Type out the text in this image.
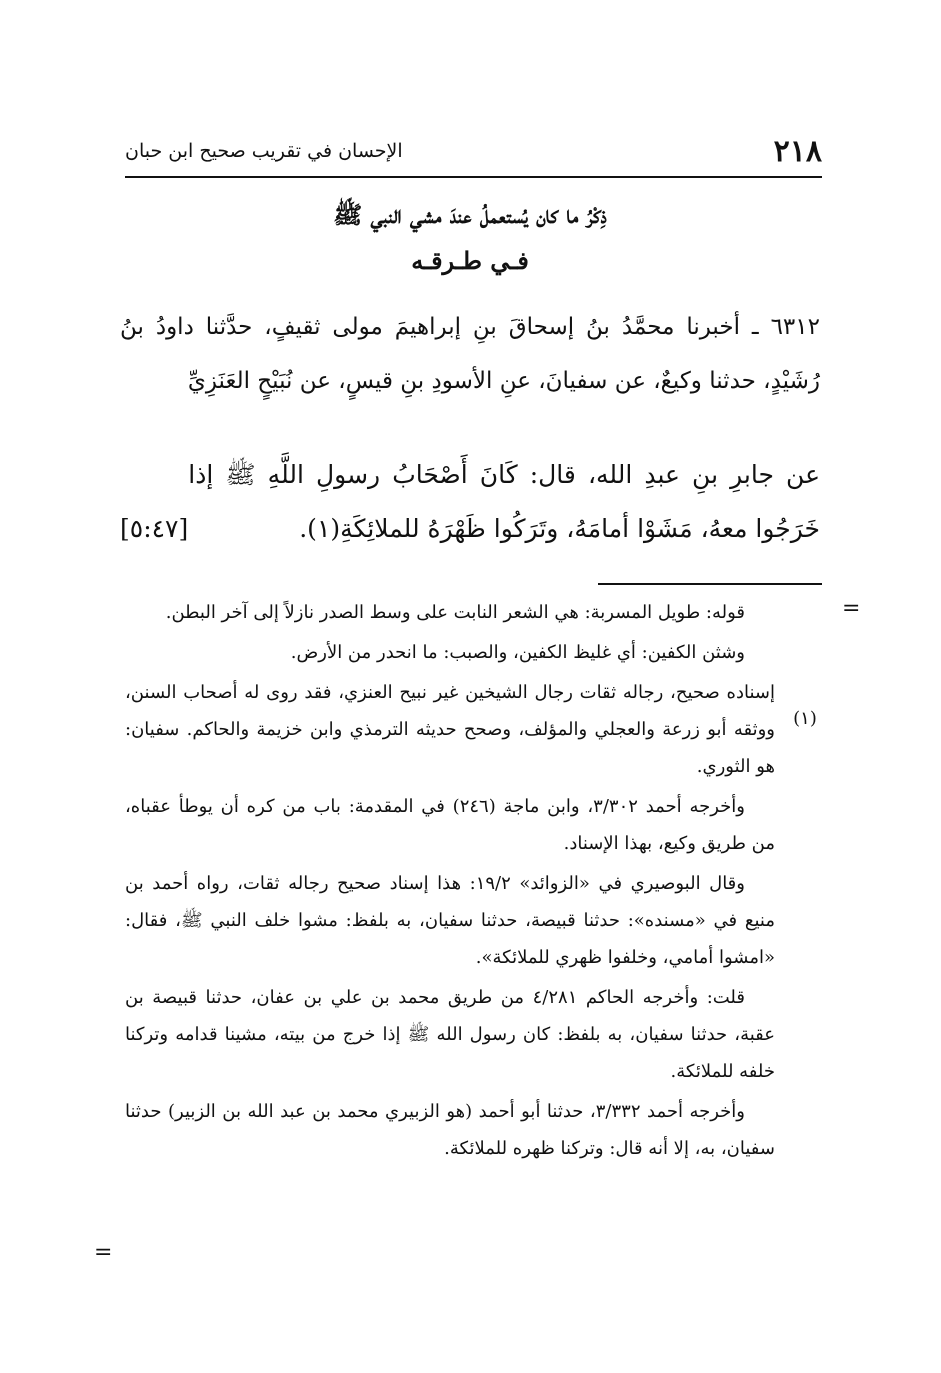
٢١٨
الإحسان في تقريب صحيح ابن حبان
ذِكْرُ ما كان يُستعملُ عندَ مشي النبي ﷺ
فـي طـرقـه
٦٣١٢ ـ أخبرنا محمَّدُ بنُ إسحاقَ بنِ إبراهيمَ مولى ثقيفٍ، حدَّثنا داودُ بنُ رُشَيْدٍ، حدثنا وكيعٌ، عن سفيانَ، عنِ الأسودِ بنِ قيسٍ، عن نُبَيْحٍ العَنَزِيِّ
[٥:٤٧]
عن جابرِ بنِ عبدِ الله، قال: كَانَ أَصْحَابُ رسولِ اللَّهِ ﷺ إذا خَرَجُوا معهُ، مَشَوْا أمامَهُ، وتَرَكُوا ظَهْرَهُ للملائِكَةِ(١).
=
(١)

قوله: طويل المسربة: هي الشعر النابت على وسط الصدر نازلاً إلى آخر البطن.

وشثن الكفين: أي غليظ الكفين، والصبب: ما انحدر من الأرض.

إسناده صحيح، رجاله ثقات رجال الشيخين غير نبيح العنزي، فقد روى له أصحاب السنن، ووثقه أبو زرعة والعجلي والمؤلف، وصحح حديثه الترمذي وابن خزيمة والحاكم. سفيان: هو الثوري.

وأخرجه أحمد ٣/٣٠٢، وابن ماجة (٢٤٦) في المقدمة: باب من كره أن يوطأ عقباه، من طريق وكيع، بهذا الإسناد.

وقال البوصيري في «الزوائد» ١٩/٢: هذا إسناد صحيح رجاله ثقات، رواه أحمد بن منيع في «مسنده»: حدثنا قبيصة، حدثنا سفيان، به بلفظ: مشوا خلف النبي ﷺ، فقال: «امشوا أمامي، وخلفوا ظهري للملائكة».

قلت: وأخرجه الحاكم ٤/٢٨١ من طريق محمد بن علي بن عفان، حدثنا قبيصة بن عقبة، حدثنا سفيان، به بلفظ: كان رسول الله ﷺ إذا خرج من بيته، مشينا قدامه وتركنا خلفه للملائكة.

وأخرجه أحمد ٣/٣٣٢، حدثنا أبو أحمد (هو الزبيري محمد بن عبد الله بن الزبير) حدثنا سفيان، به، إلا أنه قال: وتركنا ظهره للملائكة.

=
